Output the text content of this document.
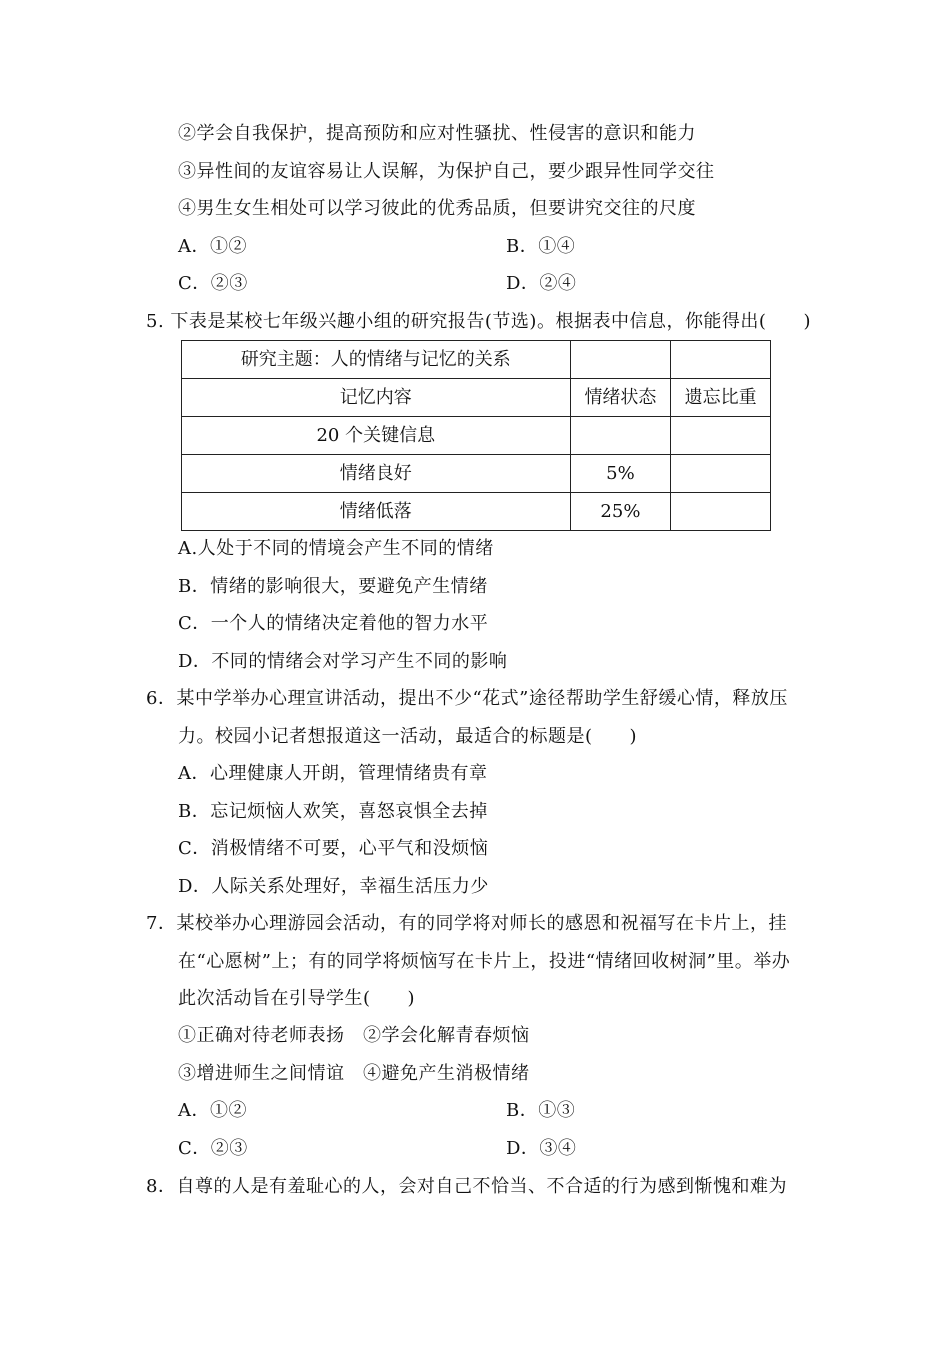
②学会自我保护，提高预防和应对性骚扰、性侵害的意识和能力
③异性间的友谊容易让人误解，为保护自己，要少跟异性同学交往
④男生女生相处可以学习彼此的优秀品质，但要讲究交往的尺度
A．①②	B．①④
C．②③	D．②④
5. 下表是某校七年级兴趣小组的研究报告(节选)。根据表中信息，你能得出(　　)
研究主题：人的情绪与记忆的关系		
记忆内容	情绪状态	遗忘比重
20 个关键信息		
情绪良好	5%	
情绪低落	25%	
A.人处于不同的情境会产生不同的情绪
B．情绪的影响很大，要避免产生情绪
C．一个人的情绪决定着他的智力水平
D．不同的情绪会对学习产生不同的影响
6．某中学举办心理宣讲活动，提出不少“花式”途径帮助学生舒缓心情，释放压
力。校园小记者想报道这一活动，最适合的标题是(　　)
A．心理健康人开朗，管理情绪贵有章
B．忘记烦恼人欢笑，喜怒哀惧全去掉
C．消极情绪不可要，心平气和没烦恼
D．人际关系处理好，幸福生活压力少
7．某校举办心理游园会活动，有的同学将对师长的感恩和祝福写在卡片上，挂
在“心愿树”上；有的同学将烦恼写在卡片上，投进“情绪回收树洞”里。举办
此次活动旨在引导学生(　　)
①正确对待老师表扬　②学会化解青春烦恼
③增进师生之间情谊　④避免产生消极情绪
A．①②	B．①③
C．②③	D．③④
8．自尊的人是有羞耻心的人，会对自己不恰当、不合适的行为感到惭愧和难为
